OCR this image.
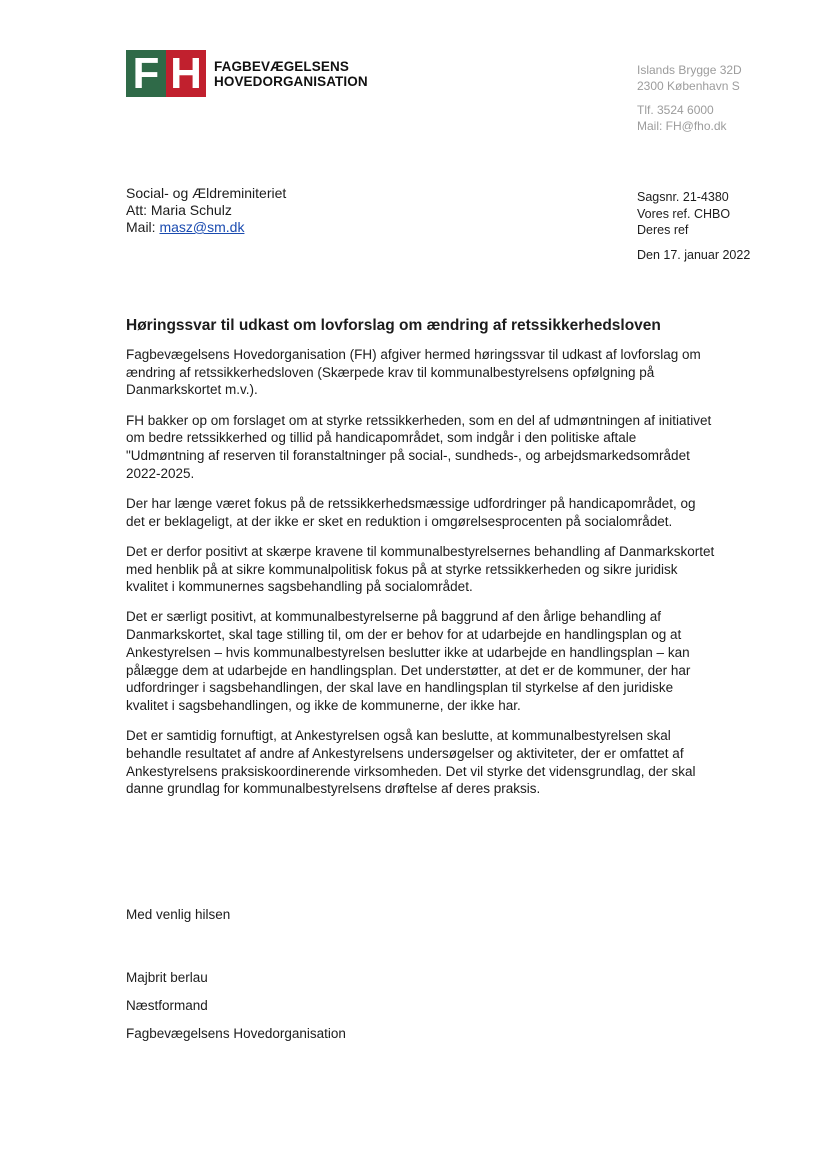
F H FAGBEVÆGELSENS
HOVEDORGANISATION
Islands Brygge 32D
2300 København S
Tlf. 3524 6000
Mail: FH@fho.dk
Social- og Ældreminiteriet
Att: Maria Schulz
Mail: masz@sm.dk
Sagsnr. 21-4380
Vores ref. CHBO
Deres ref
Den 17. januar 2022
Høringssvar til udkast om lovforslag om ændring af retssikkerhedsloven

Fagbevægelsens Hovedorganisation (FH) afgiver hermed høringssvar til udkast af lovforslag om ændring af retssikkerhedsloven (Skærpede krav til kommunalbestyrelsens opfølgning på Danmarkskortet m.v.).

FH bakker op om forslaget om at styrke retssikkerheden, som en del af udmøntningen af initiativet om bedre retssikkerhed og tillid på handicapområdet, som indgår i den politiske aftale "Udmøntning af reserven til foranstaltninger på social-, sundheds-, og arbejdsmarkedsområdet 2022-2025.

Der har længe været fokus på de retssikkerhedsmæssige udfordringer på handicapområdet, og det er beklageligt, at der ikke er sket en reduktion i omgørelsesprocenten på socialområdet.

Det er derfor positivt at skærpe kravene til kommunalbestyrelsernes behandling af Danmarkskortet med henblik på at sikre kommunalpolitisk fokus på at styrke retssikkerheden og sikre juridisk kvalitet i kommunernes sagsbehandling på socialområdet.

Det er særligt positivt, at kommunalbestyrelserne på baggrund af den årlige behandling af Danmarkskortet, skal tage stilling til, om der er behov for at udarbejde en handlingsplan og at Ankestyrelsen – hvis kommunalbestyrelsen beslutter ikke at udarbejde en handlingsplan – kan pålægge dem at udarbejde en handlingsplan. Det understøtter, at det er de kommuner, der har udfordringer i sagsbehandlingen, der skal lave en handlingsplan til styrkelse af den juridiske kvalitet i sagsbehandlingen, og ikke de kommunerne, der ikke har.

Det er samtidig fornuftigt, at Ankestyrelsen også kan beslutte, at kommunalbestyrelsen skal behandle resultatet af andre af Ankestyrelsens undersøgelser og aktiviteter, der er omfattet af Ankestyrelsens praksiskoordinerende virksomheden. Det vil styrke det vidensgrundlag, der skal danne grundlag for kommunalbestyrelsens drøftelse af deres praksis.

Med venlig hilsen
Majbrit berlau
Næstformand
Fagbevægelsens Hovedorganisation
